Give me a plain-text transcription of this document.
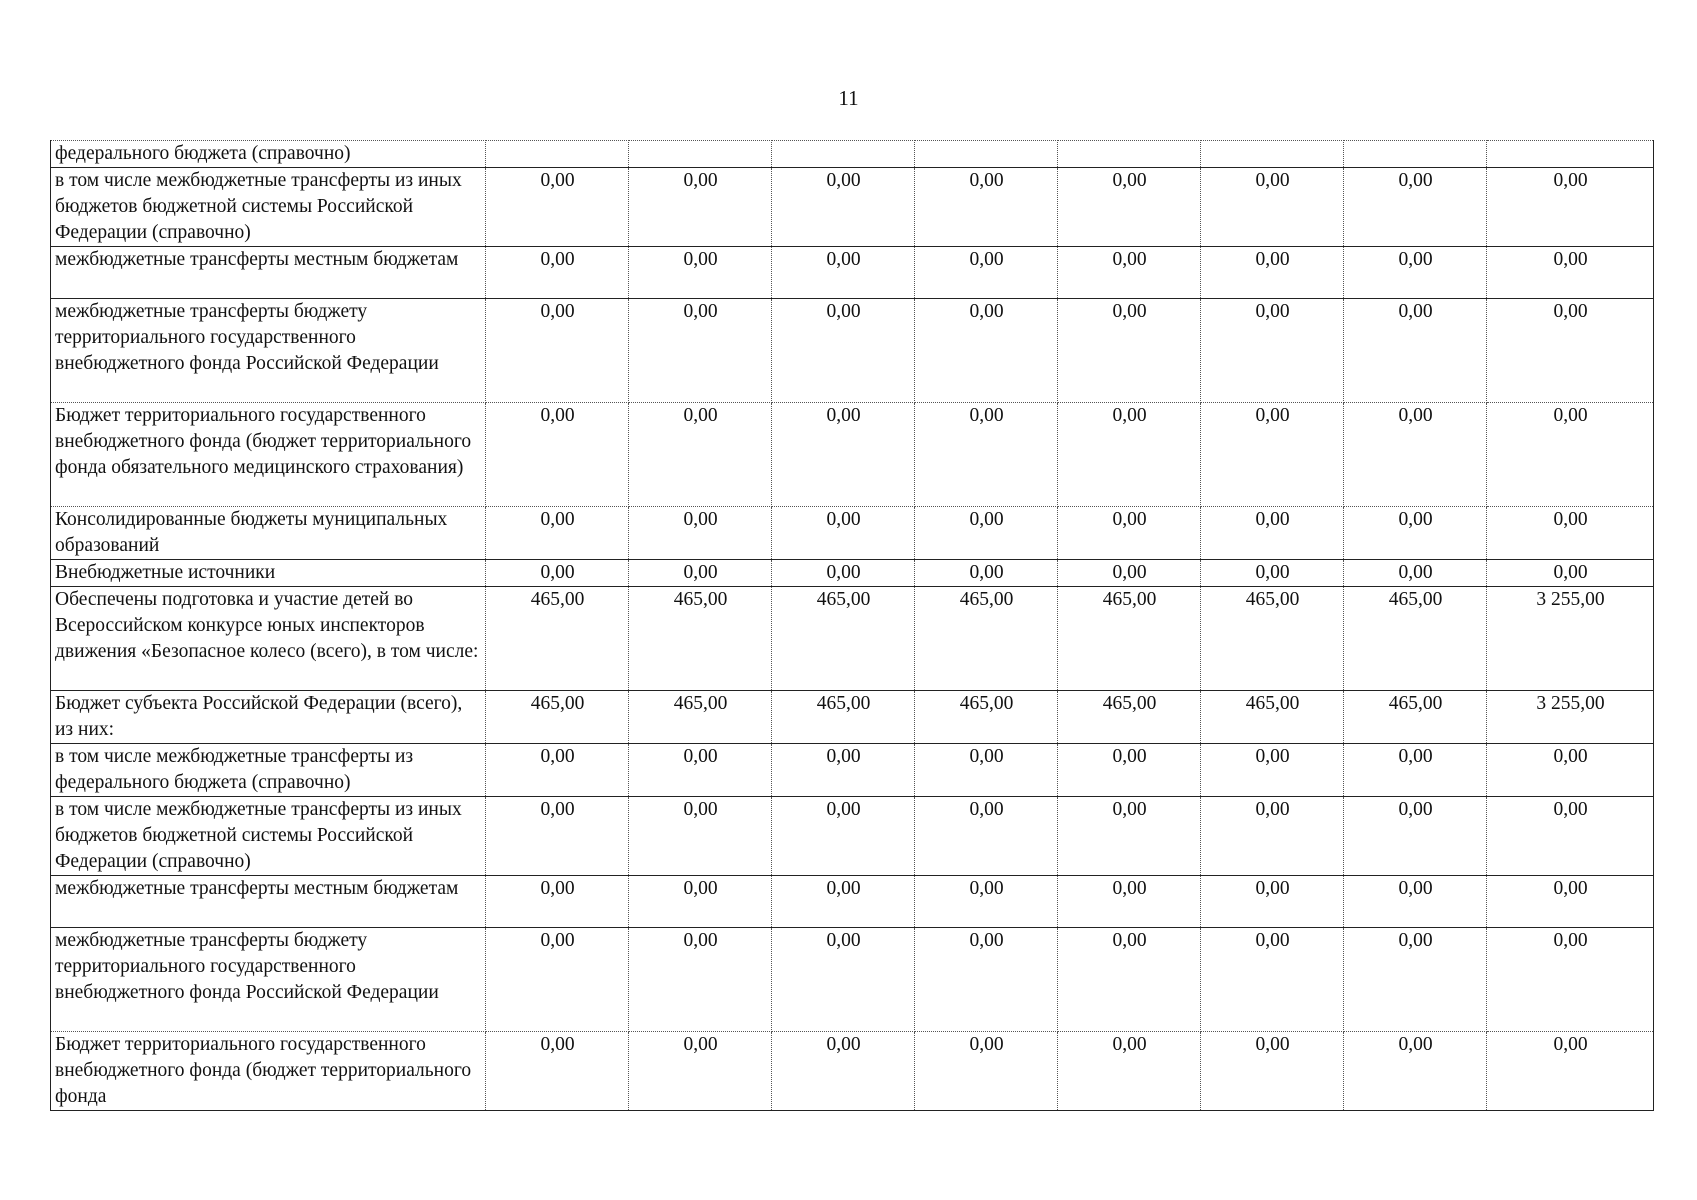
11
федерального бюджета (справочно)								
в том числе межбюджетные трансферты из иных бюджетов бюджетной системы Российской Федерации (справочно)	0,00	0,00	0,00	0,00	0,00	0,00	0,00	0,00
межбюджетные трансферты местным бюджетам	0,00	0,00	0,00	0,00	0,00	0,00	0,00	0,00
межбюджетные трансферты бюджету территориального государственного внебюджетного фонда Российской Федерации	0,00	0,00	0,00	0,00	0,00	0,00	0,00	0,00
Бюджет территориального государственного внебюджетного фонда (бюджет территориального фонда обязательного медицинского страхования)	0,00	0,00	0,00	0,00	0,00	0,00	0,00	0,00
Консолидированные бюджеты муниципальных образований	0,00	0,00	0,00	0,00	0,00	0,00	0,00	0,00
Внебюджетные источники	0,00	0,00	0,00	0,00	0,00	0,00	0,00	0,00
Обеспечены подготовка и участие детей во Всероссийском конкурсе юных инспекторов движения «Безопасное колесо (всего), в том числе:	465,00	465,00	465,00	465,00	465,00	465,00	465,00	3 255,00
Бюджет субъекта Российской Федерации (всего), из них:	465,00	465,00	465,00	465,00	465,00	465,00	465,00	3 255,00
в том числе межбюджетные трансферты из федерального бюджета (справочно)	0,00	0,00	0,00	0,00	0,00	0,00	0,00	0,00
в том числе межбюджетные трансферты из иных бюджетов бюджетной системы Российской Федерации (справочно)	0,00	0,00	0,00	0,00	0,00	0,00	0,00	0,00
межбюджетные трансферты местным бюджетам	0,00	0,00	0,00	0,00	0,00	0,00	0,00	0,00
межбюджетные трансферты бюджету территориального государственного внебюджетного фонда Российской Федерации	0,00	0,00	0,00	0,00	0,00	0,00	0,00	0,00
Бюджет территориального государственного внебюджетного фонда (бюджет территориального фонда	0,00	0,00	0,00	0,00	0,00	0,00	0,00	0,00
